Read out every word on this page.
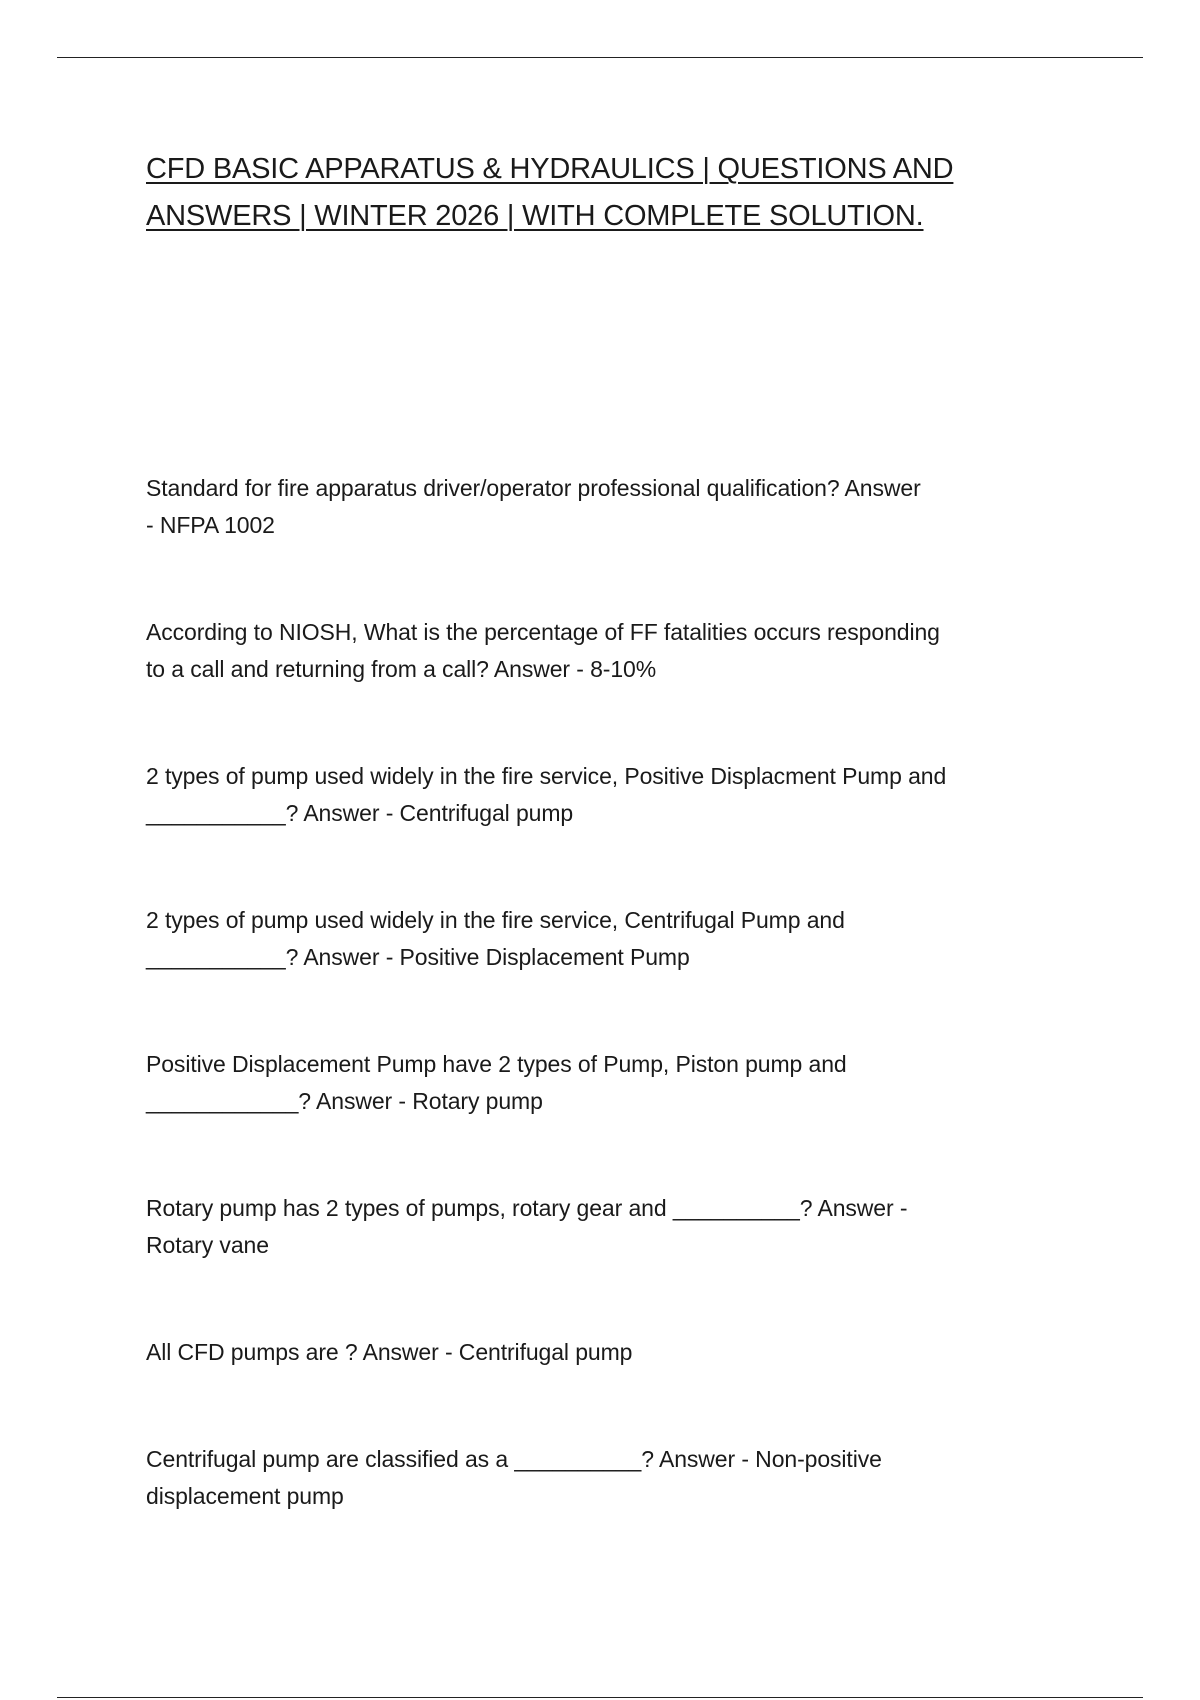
CFD BASIC APPARATUS & HYDRAULICS | QUESTIONS AND
ANSWERS | WINTER 2026 | WITH COMPLETE SOLUTION.

Standard for fire apparatus driver/operator professional qualification? Answer
- NFPA 1002

According to NIOSH, What is the percentage of FF fatalities occurs responding
to a call and returning from a call? Answer - 8-10%

2 types of pump used widely in the fire service, Positive Displacment Pump and
___________? Answer - Centrifugal pump

2 types of pump used widely in the fire service, Centrifugal Pump and
___________? Answer - Positive Displacement Pump

Positive Displacement Pump have 2 types of Pump, Piston pump and
____________? Answer - Rotary pump

Rotary pump has 2 types of pumps, rotary gear and __________? Answer -
Rotary vane

All CFD pumps are ? Answer - Centrifugal pump

Centrifugal pump are classified as a __________? Answer - Non-positive
displacement pump
